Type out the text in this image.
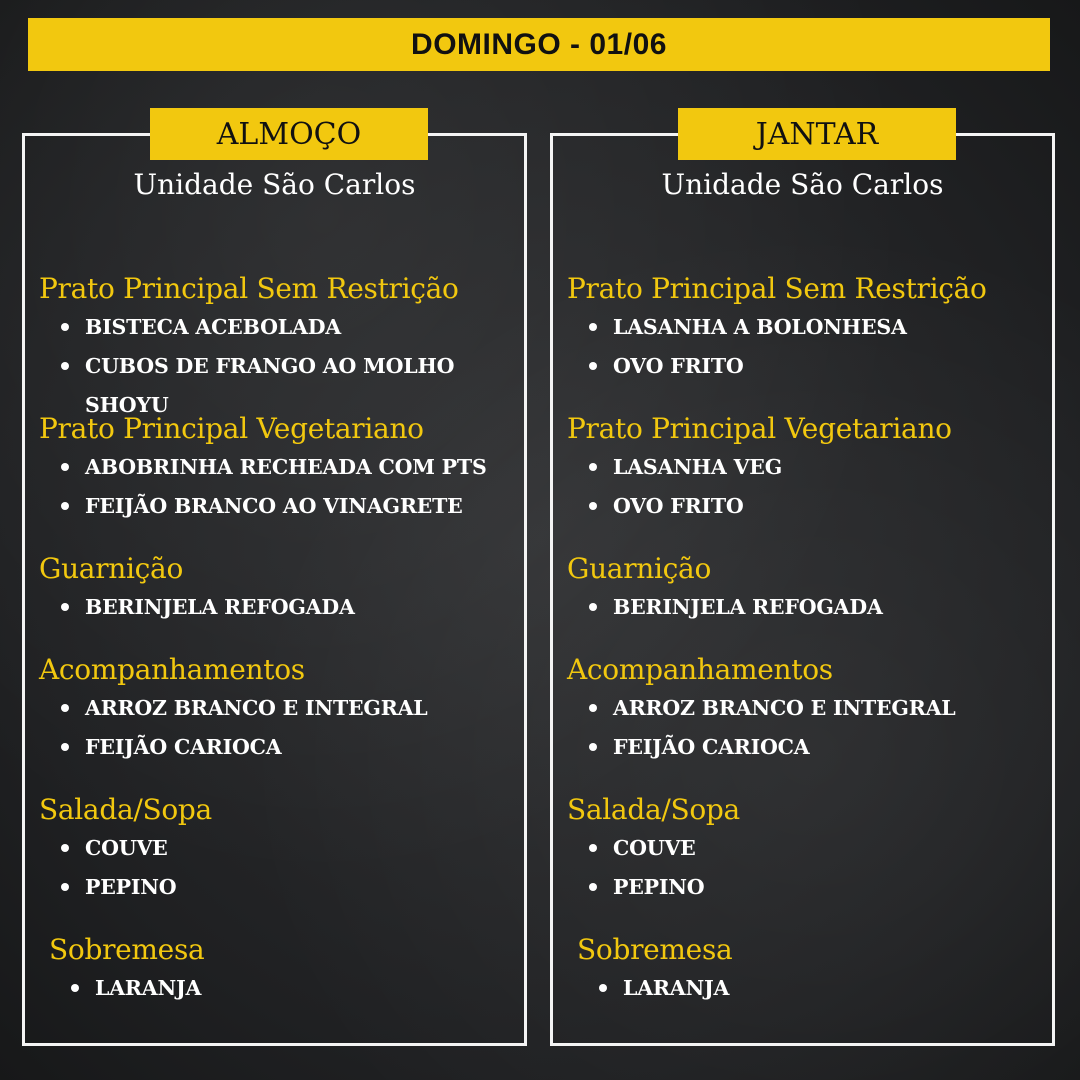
DOMINGO - 01/06
ALMOÇO
Unidade São Carlos
Prato Principal Sem Restrição
BISTECA ACEBOLADA
CUBOS DE FRANGO AO MOLHO SHOYU
Prato Principal Vegetariano
ABOBRINHA RECHEADA COM PTS
FEIJÃO BRANCO AO VINAGRETE
Guarnição
BERINJELA REFOGADA
Acompanhamentos
ARROZ BRANCO E INTEGRAL
FEIJÃO CARIOCA
Salada/Sopa
COUVE
PEPINO
Sobremesa
LARANJA
JANTAR
Unidade São Carlos
Prato Principal Sem Restrição
LASANHA A BOLONHESA
OVO FRITO
Prato Principal Vegetariano
LASANHA VEG
OVO FRITO
Guarnição
BERINJELA REFOGADA
Acompanhamentos
ARROZ BRANCO E INTEGRAL
FEIJÃO CARIOCA
Salada/Sopa
COUVE
PEPINO
Sobremesa
LARANJA
